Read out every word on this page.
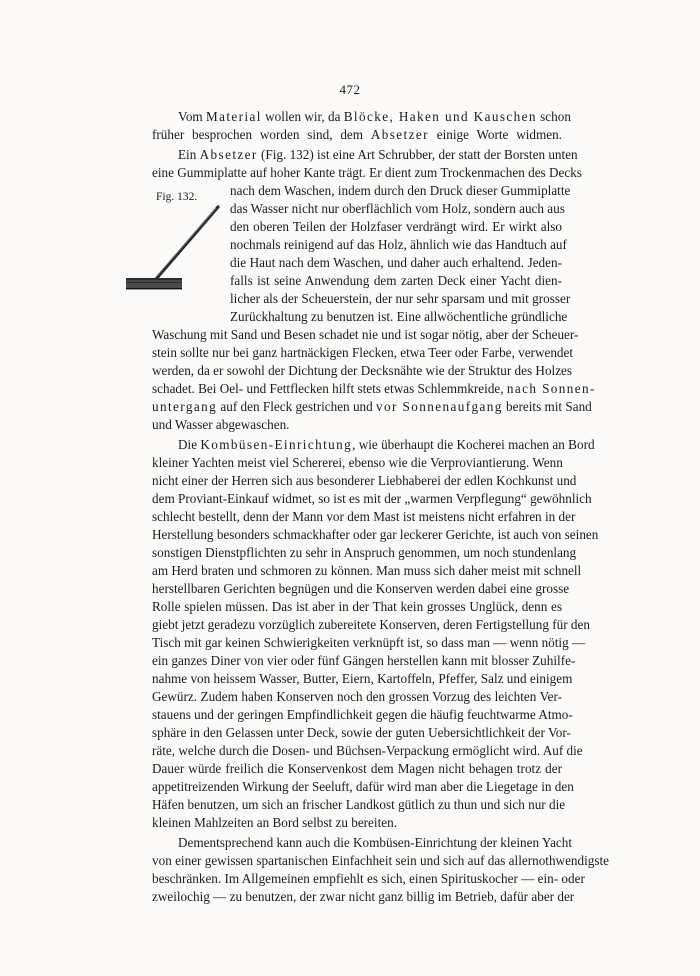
472

Fig. 132.

Vom Material wollen wir, da Blöcke, Haken und Kauschen schon

früher besprochen worden sind, dem Absetzer einige Worte widmen.

Ein Absetzer (Fig. 132) ist eine Art Schrubber, der statt der Borsten unten

eine Gummiplatte auf hoher Kante trägt. Er dient zum Trockenmachen des Decks

nach dem Waschen, indem durch den Druck dieser Gummiplatte

das Wasser nicht nur oberflächlich vom Holz, sondern auch aus

den oberen Teilen der Holzfaser verdrängt wird. Er wirkt also

nochmals reinigend auf das Holz, ähnlich wie das Handtuch auf

die Haut nach dem Waschen, und daher auch erhaltend. Jeden-

falls ist seine Anwendung dem zarten Deck einer Yacht dien-

licher als der Scheuerstein, der nur sehr sparsam und mit grosser

Zurückhaltung zu benutzen ist. Eine allwöchentliche gründliche

Waschung mit Sand und Besen schadet nie und ist sogar nötig, aber der Scheuer-

stein sollte nur bei ganz hartnäckigen Flecken, etwa Teer oder Farbe, verwendet

werden, da er sowohl der Dichtung der Decksnähte wie der Struktur des Holzes

schadet. Bei Oel- und Fettflecken hilft stets etwas Schlemmkreide, nach Sonnen-

untergang auf den Fleck gestrichen und vor Sonnenaufgang bereits mit Sand

und Wasser abgewaschen.

Die Kombüsen-Einrichtung, wie überhaupt die Kocherei machen an Bord

kleiner Yachten meist viel Schererei, ebenso wie die Verproviantierung. Wenn

nicht einer der Herren sich aus besonderer Liebhaberei der edlen Kochkunst und

dem Proviant-Einkauf widmet, so ist es mit der „warmen Verpflegung“ gewöhnlich

schlecht bestellt, denn der Mann vor dem Mast ist meistens nicht erfahren in der

Herstellung besonders schmackhafter oder gar leckerer Gerichte, ist auch von seinen

sonstigen Dienstpflichten zu sehr in Anspruch genommen, um noch stundenlang

am Herd braten und schmoren zu können. Man muss sich daher meist mit schnell

herstellbaren Gerichten begnügen und die Konserven werden dabei eine grosse

Rolle spielen müssen. Das ist aber in der That kein grosses Unglück, denn es

giebt jetzt geradezu vorzüglich zubereitete Konserven, deren Fertigstellung für den

Tisch mit gar keinen Schwierigkeiten verknüpft ist, so dass man — wenn nötig —

ein ganzes Diner von vier oder fünf Gängen herstellen kann mit blosser Zuhilfe-

nahme von heissem Wasser, Butter, Eiern, Kartoffeln, Pfeffer, Salz und einigem

Gewürz. Zudem haben Konserven noch den grossen Vorzug des leichten Ver-

stauens und der geringen Empfindlichkeit gegen die häufig feuchtwarme Atmo-

sphäre in den Gelassen unter Deck, sowie der guten Uebersichtlichkeit der Vor-

räte, welche durch die Dosen- und Büchsen-Verpackung ermöglicht wird. Auf die

Dauer würde freilich die Konservenkost dem Magen nicht behagen trotz der

appetitreizenden Wirkung der Seeluft, dafür wird man aber die Liegetage in den

Häfen benutzen, um sich an frischer Landkost gütlich zu thun und sich nur die

kleinen Mahlzeiten an Bord selbst zu bereiten.

Dementsprechend kann auch die Kombüsen-Einrichtung der kleinen Yacht

von einer gewissen spartanischen Einfachheit sein und sich auf das allernothwendigste

beschränken. Im Allgemeinen empfiehlt es sich, einen Spirituskocher — ein- oder

zweilochig — zu benutzen, der zwar nicht ganz billig im Betrieb, dafür aber der
